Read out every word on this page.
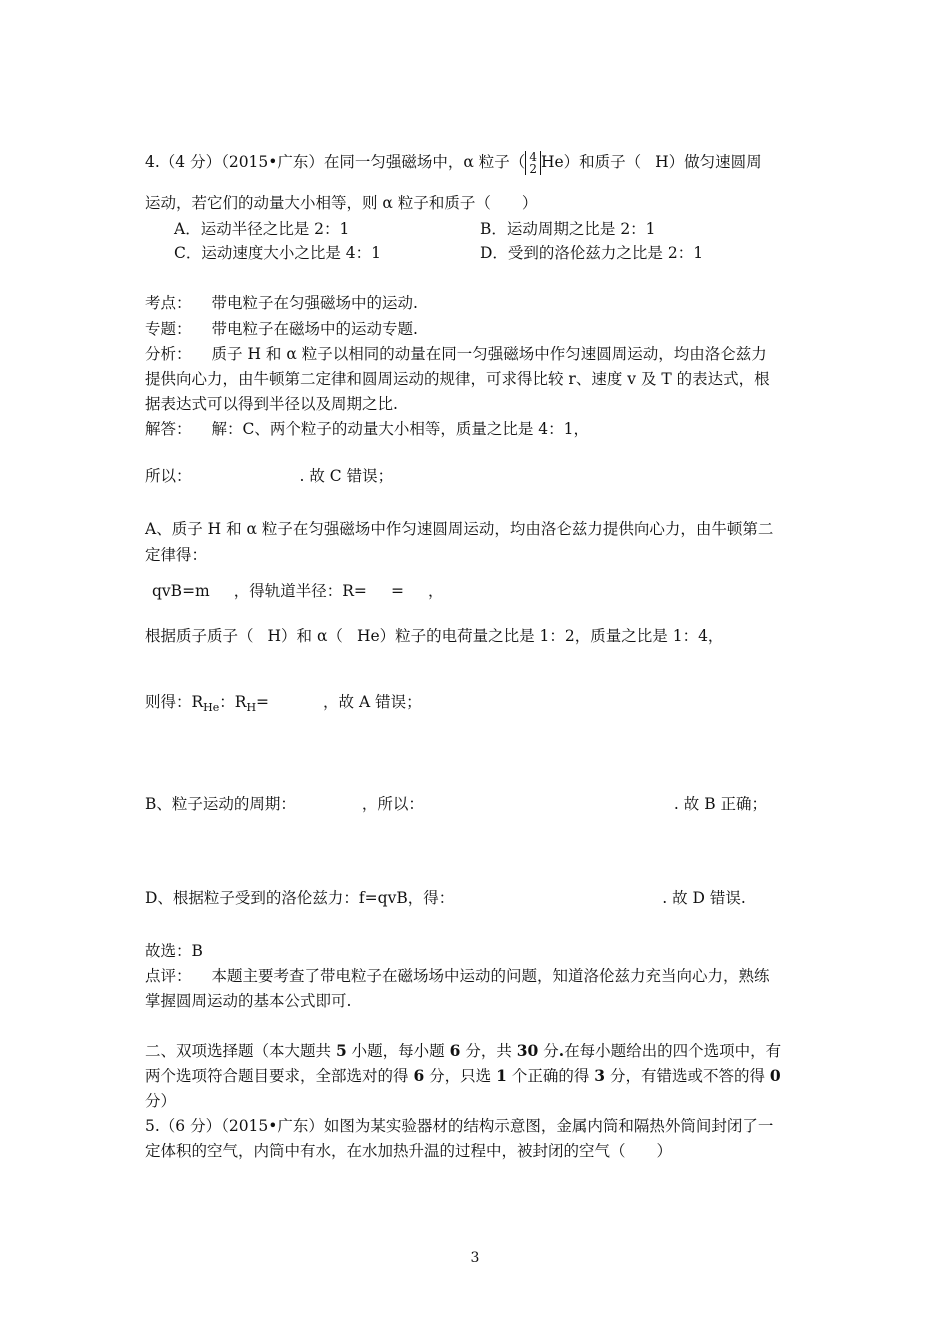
4.（4 分）（2015•广东）在同一匀强磁场中，α 粒子（ 4
2 He）和质子（ H）做匀速圆周
运动，若它们的动量大小相等，则 α 粒子和质子（　　）
A．运动半径之比是 2：1	B．运动周期之比是 2：1
C．运动速度大小之比是 4：1	D．受到的洛伦兹力之比是 2：1
考点： 带电粒子在匀强磁场中的运动.
专题： 带电粒子在磁场中的运动专题.
分析： 质子 H 和 α 粒子以相同的动量在同一匀强磁场中作匀速圆周运动，均由洛仑兹力
提供向心力，由牛顿第二定律和圆周运动的规律，可求得比较 r、速度 v 及 T 的表达式，根
据表达式可以得到半径以及周期之比.
解答： 解：C、两个粒子的动量大小相等，质量之比是 4：1，
所以：	. 故 C 错误；
A、质子 H 和 α 粒子在匀强磁场中作匀速圆周运动，均由洛仑兹力提供向心力，由牛顿第二
定律得：
qvB=m ，得轨道半径：R= = ，
根据质子质子（ H）和 α（ He）粒子的电荷量之比是 1：2，质量之比是 1：4，
则得：$R_{He}$：$R_H=$	，故 A 错误；
B、粒子运动的周期：	，所以：	. 故 B 正确；
D、根据粒子受到的洛伦兹力：f=qvB，得：	. 故 D 错误.
故选：B
点评： 本题主要考查了带电粒子在磁场场中运动的问题，知道洛伦兹力充当向心力，熟练
掌握圆周运动的基本公式即可.
二、双项选择题（本大题共 5 小题，每小题 6 分，共 30 分.在每小题给出的四个选项中，有
两个选项符合题目要求，全部选对的得 6 分，只选 1 个正确的得 3 分，有错选或不答的得 0
分）
5.（6 分）（2015•广东）如图为某实验器材的结构示意图，金属内筒和隔热外筒间封闭了一
定体积的空气，内筒中有水，在水加热升温的过程中，被封闭的空气（　　）
3
